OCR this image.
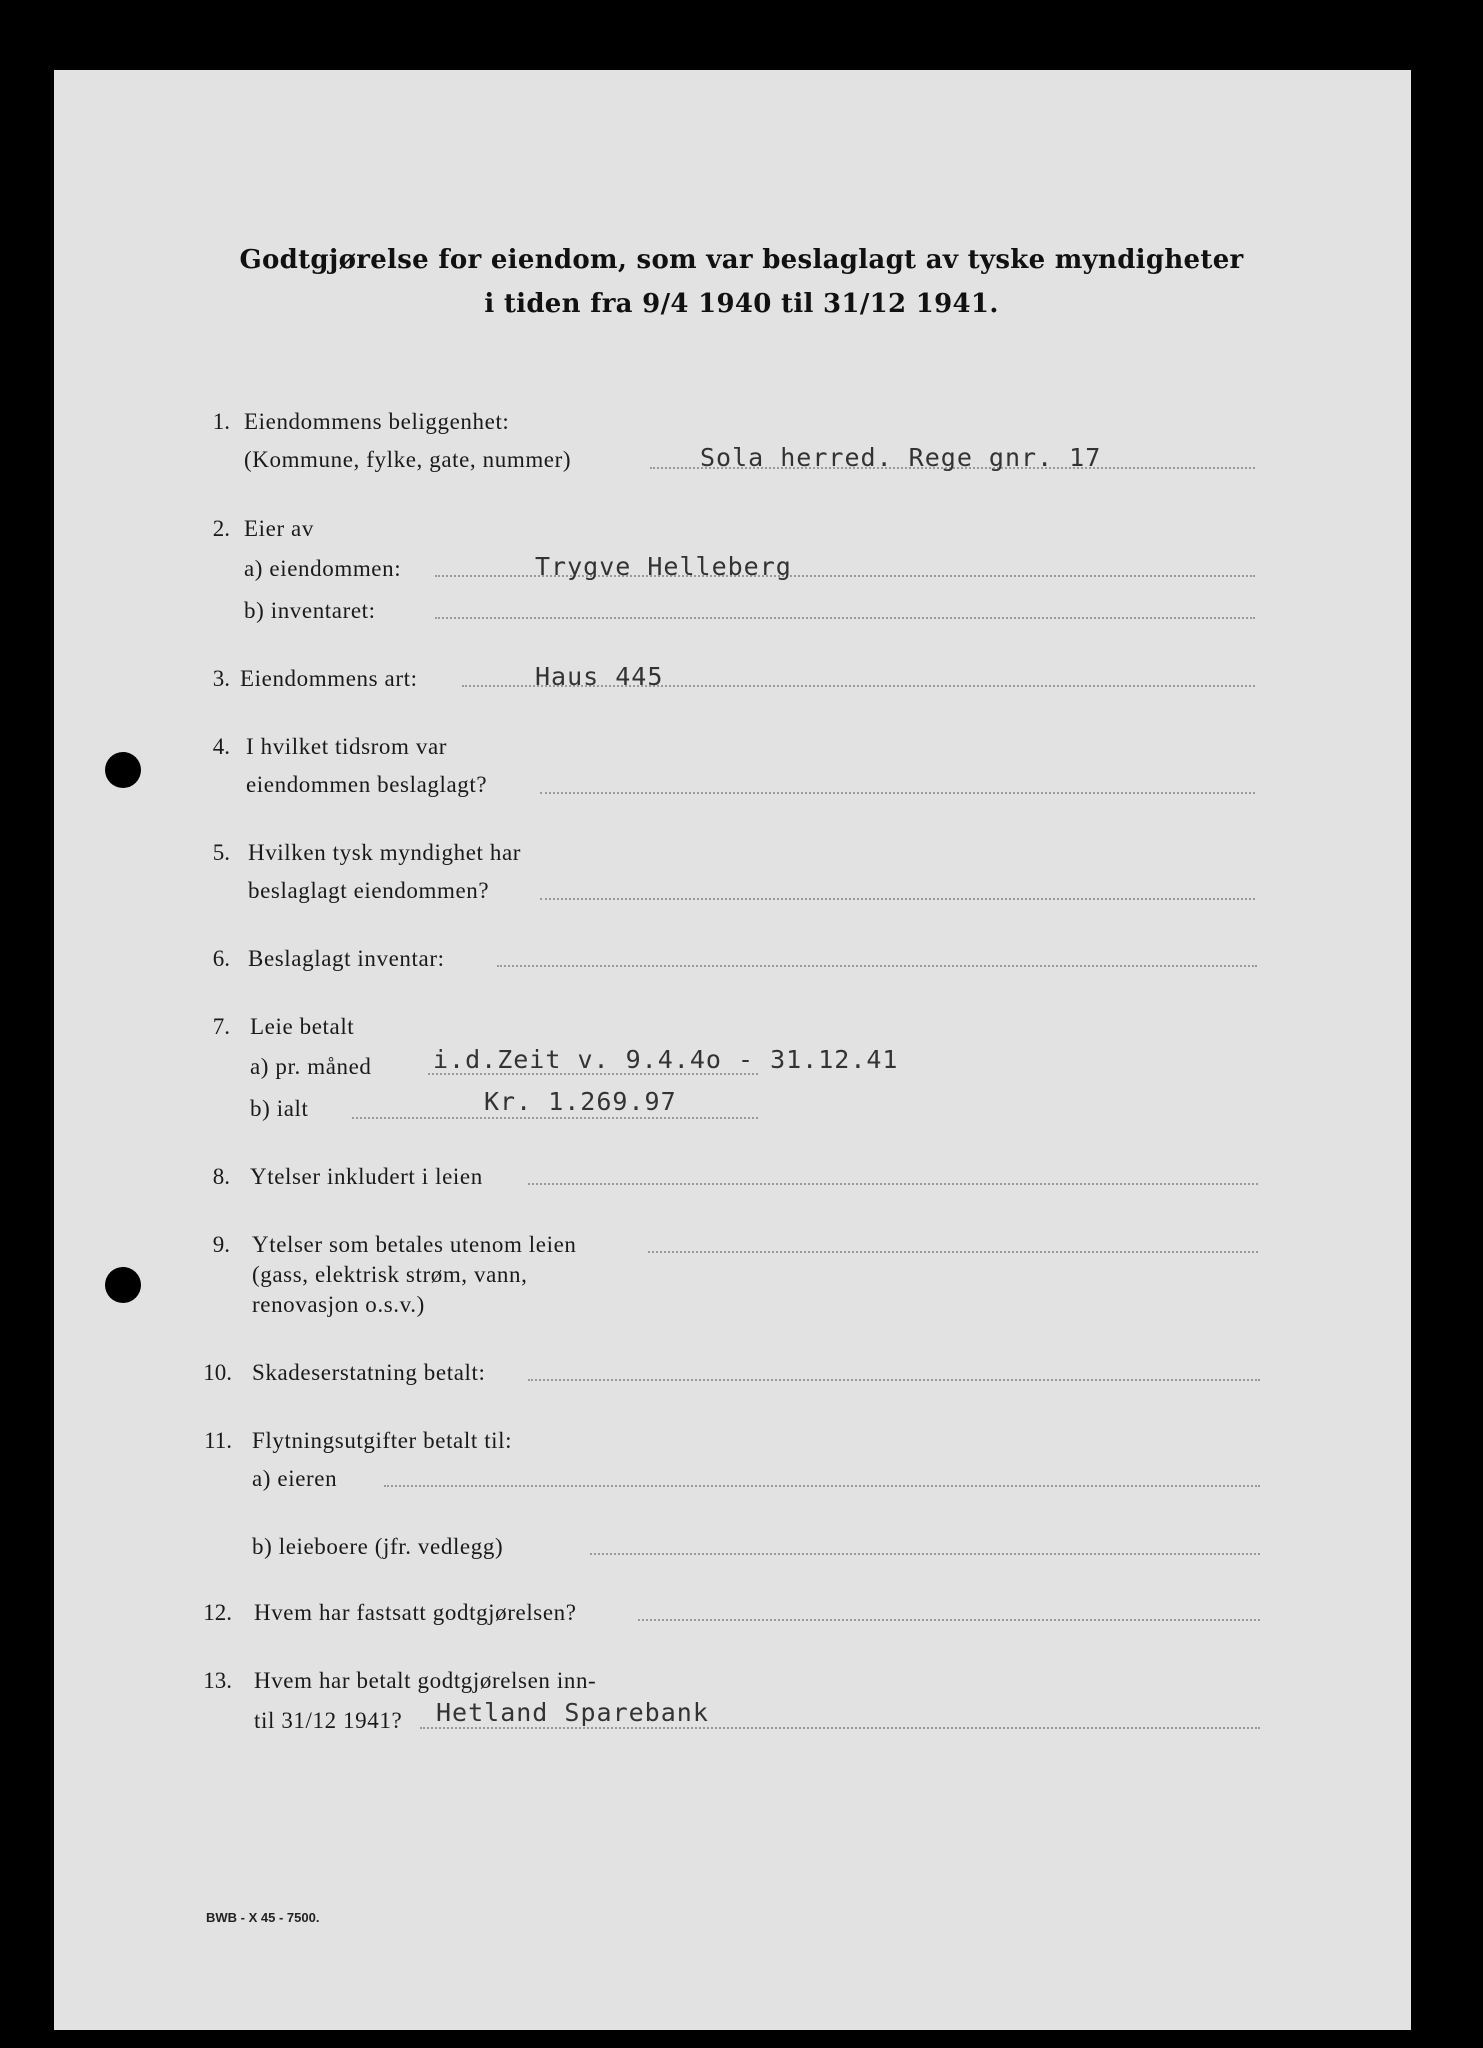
Godtgjørelse for eiendom, som var beslaglagt av tyske myndigheter
i tiden fra 9/4 1940 til 31/12 1941.
1. Eiendommens beliggenhet:
(Kommune, fylke, gate, nummer)	Sola herred. Rege gnr. 17
2. Eier av
a) eiendommen:	Trygve Helleberg
b) inventaret:
3. Eiendommens art:	Haus 445
4. I hvilket tidsrom var
eiendommen beslaglagt?
5. Hvilken tysk myndighet har
beslaglagt eiendommen?
6. Beslaglagt inventar:
7. Leie betalt
a) pr. måned i.d.Zeit v. 9.4.4o - 31.12.41
b) ialt	Kr. 1.269.97
8. Ytelser inkludert i leien
9. Ytelser som betales utenom leien
(gass, elektrisk strøm, vann,
renovasjon o.s.v.)
10. Skadeserstatning betalt:
11. Flytningsutgifter betalt til:
a) eieren
b) leieboere (jfr. vedlegg)
12. Hvem har fastsatt godtgjørelsen?
13. Hvem har betalt godtgjørelsen inn-
til 31/12 1941? Hetland Sparebank
BWB - X 45 - 7500.
